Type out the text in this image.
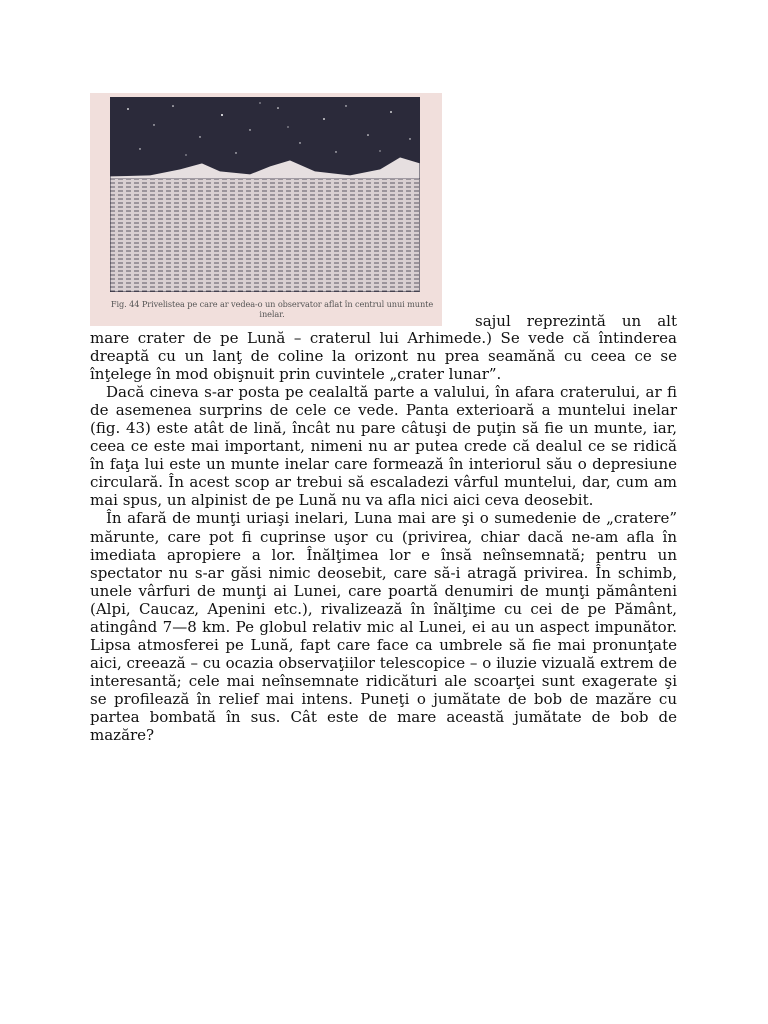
Fig. 44 Privelistea pe care ar vedea-o un observator aflat în centrul unui munte inelar.	sajul reprezintă un alt

mare crater de pe Lună – craterul lui Arhimede.) Se vede că întinderea dreaptă cu un lanţ de coline la orizont nu prea seamănă cu ceea ce se înţelege în mod obişnuit prin cuvintele „crater lunar”.

Dacă cineva s-ar posta pe cealaltă parte a valului, în afara craterului, ar fi de asemenea surprins de cele ce vede. Panta exterioară a muntelui inelar (fig. 43) este atât de lină, încât nu pare câtuşi de puţin să fie un munte, iar, ceea ce este mai important, nimeni nu ar putea crede că dealul ce se ridică în faţa lui este un munte inelar care formează în interiorul său o depresiune circulară. În acest scop ar trebui să escaladezi vârful muntelui, dar, cum am mai spus, un alpinist de pe Lună nu va afla nici aici ceva deosebit.

În afară de munţi uriaşi inelari, Luna mai are şi o sumedenie de „cratere” mărunte, care pot fi cuprinse uşor cu (privirea, chiar dacă ne-am afla în imediata apropiere a lor. Înălţimea lor e însă neînsemnată; pentru un spectator nu s-ar găsi nimic deosebit, care să-i atragă privirea. În schimb, unele vârfuri de munţi ai Lunei, care poartă denumiri de munţi pământeni (Alpi, Caucaz, Apenini etc.), rivalizează în înălţime cu cei de pe Pământ, atingând 7—8 km. Pe globul relativ mic al Lunei, ei au un aspect impunător. Lipsa atmosferei pe Lună, fapt care face ca umbrele să fie mai pronunţate aici, creează – cu ocazia observaţiilor telescopice – o iluzie vizuală extrem de interesantă; cele mai neînsemnate ridicături ale scoarţei sunt exagerate şi se profilează în relief mai intens. Puneţi o jumătate de bob de mazăre cu partea bombată în sus. Cât este de mare această jumătate de bob de mazăre?
